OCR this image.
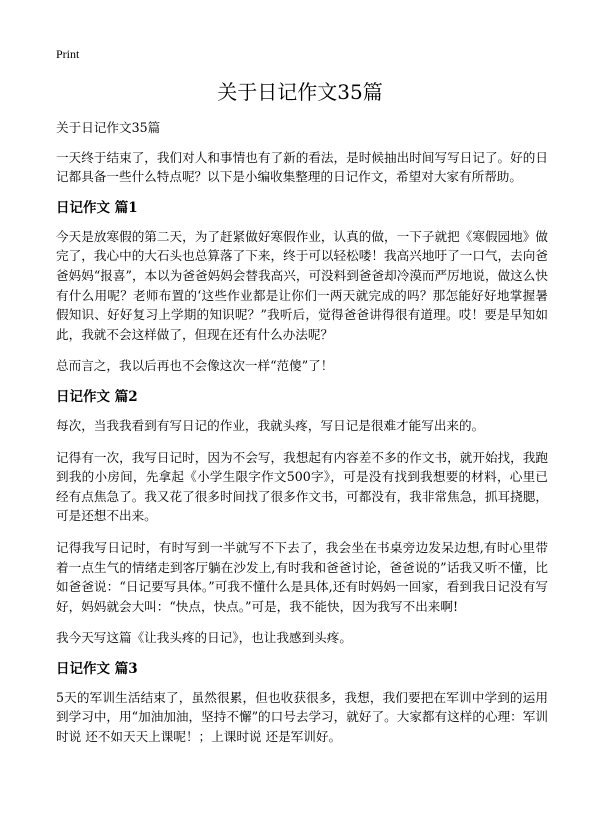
Print
关于日记作文35篇

关于日记作文35篇

一天终于结束了，我们对人和事情也有了新的看法，是时候抽出时间写写日记了。好的日记都具备一些什么特点呢？以下是小编收集整理的日记作文，希望对大家有所帮助。

日记作文 篇1

今天是放寒假的第二天，为了赶紧做好寒假作业，认真的做，一下子就把《寒假园地》做完了，我心中的大石头也总算落了下来，终于可以轻松喽！我高兴地吁了一口气，去向爸爸妈妈“报喜”，本以为爸爸妈妈会替我高兴，可没料到爸爸却冷漠而严厉地说，做这么快有什么用呢？老师布置的‘这些作业都是让你们一两天就完成的吗？那怎能好好地掌握暑假知识、好好复习上学期的知识呢？”我听后，觉得爸爸讲得很有道理。哎！要是早知如此，我就不会这样做了，但现在还有什么办法呢？

总而言之，我以后再也不会像这次一样“范傻”了！

日记作文 篇2

每次，当我我看到有写日记的作业，我就头疼，写日记是很难才能写出来的。

记得有一次，我写日记时，因为不会写，我想起有内容差不多的作文书，就开始找，我跑到我的小房间，先拿起《小学生限字作文500字》，可是没有找到我想要的材料，心里已经有点焦急了。我又花了很多时间找了很多作文书，可都没有，我非常焦急，抓耳挠腮，可是还想不出来。

记得我写日记时，有时写到一半就写不下去了，我会坐在书桌旁边发呆边想,有时心里带着一点生气的情绪走到客厅躺在沙发上,有时我和爸爸讨论，爸爸说的”话我又听不懂，比如爸爸说：“日记要写具体。”可我不懂什么是具体,还有时妈妈一回家，看到我日记没有写好，妈妈就会大叫：“快点，快点。”可是，我不能快，因为我写不出来啊!

我今天写这篇《让我头疼的日记》，也让我感到头疼。

日记作文 篇3

5天的军训生活结束了，虽然很累，但也收获很多，我想，我们要把在军训中学到的运用到学习中，用“加油加油，坚持不懈”的口号去学习，就好了。大家都有这样的心理：军训时说 还不如天天上课呢！；上课时说 还是军训好。
